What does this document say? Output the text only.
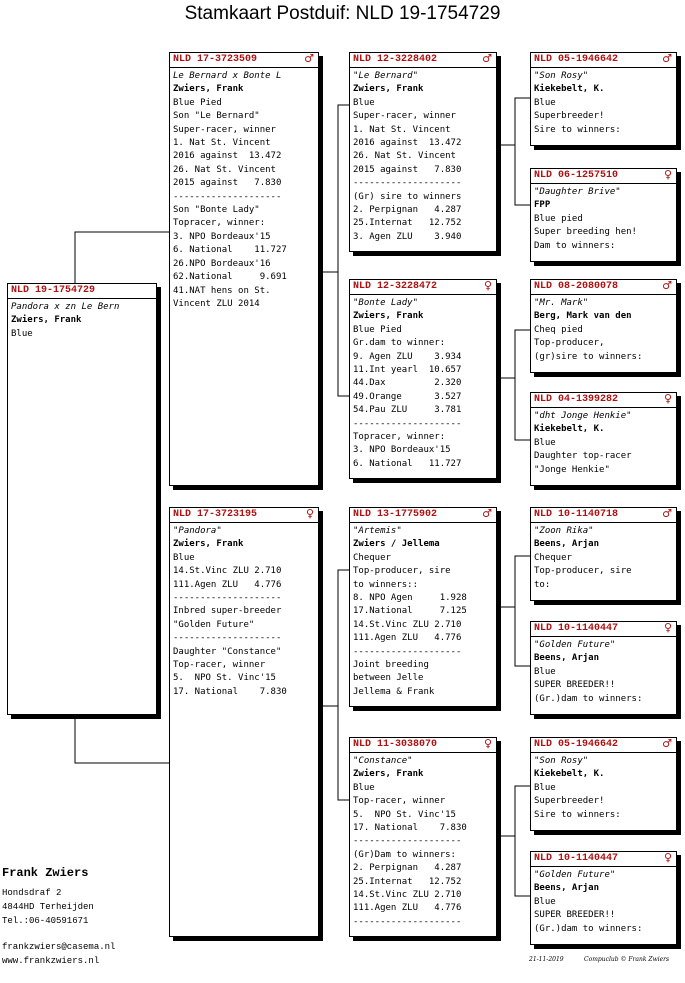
Stamkaart Postduif: NLD 19-1754729
NLD 19-1754729
Pandora x zn Le Bern
Zwiers, Frank
Blue
NLD 17-3723509	♂
Le Bernard x Bonte L
Zwiers, Frank
Blue Pied
Son "Le Bernard"
Super-racer, winner
1. Nat St. Vincent
2016 against  13.472
26. Nat St. Vincent
2015 against   7.830
--------------------
Son "Bonte Lady"
Topracer, winner:
3. NPO Bordeaux'15
6. National    11.727
26.NPO Bordeaux'16
62.National     9.691
41.NAT hens on St.
Vincent ZLU 2014
NLD 17-3723195	♀
"Pandora"
Zwiers, Frank
Blue
14.St.Vinc ZLU 2.710
111.Agen ZLU   4.776
--------------------
Inbred super-breeder
"Golden Future"
--------------------
Daughter "Constance"
Top-racer, winner
5.  NPO St. Vinc'15
17. National    7.830
NLD 12-3228402	♂
"Le Bernard"
Zwiers, Frank
Blue
Super-racer, winner
1. Nat St. Vincent
2016 against  13.472
26. Nat St. Vincent
2015 against   7.830
--------------------
(Gr) sire to winners
2. Perpignan   4.287
25.Internat   12.752
3. Agen ZLU    3.940
NLD 12-3228472	♀
"Bonte Lady"
Zwiers, Frank
Blue Pied
Gr.dam to winner:
9. Agen ZLU    3.934
11.Int yearl  10.657
44.Dax         2.320
49.Orange      3.527
54.Pau ZLU     3.781
--------------------
Topracer, winner:
3. NPO Bordeaux'15
6. National   11.727
NLD 13-1775902	♂
"Artemis"
Zwiers / Jellema
Chequer
Top-producer, sire
to winners::
8. NPO Agen     1.928
17.National     7.125
14.St.Vinc ZLU 2.710
111.Agen ZLU   4.776
--------------------
Joint breeding
between Jelle
Jellema & Frank
NLD 11-3038070	♀
"Constance"
Zwiers, Frank
Blue
Top-racer, winner
5.  NPO St. Vinc'15
17. National    7.830
--------------------
(Gr)Dam to winners:
2. Perpignan   4.287
25.Internat   12.752
14.St.Vinc ZLU 2.710
111.Agen ZLU   4.776
--------------------
NLD 05-1946642	♂
"Son Rosy"
Kiekebelt, K.
Blue
Superbreeder!
Sire to winners:
NLD 06-1257510	♀
"Daughter Brive"
FPP
Blue pied
Super breeding hen!
Dam to winners:
NLD 08-2080078	♂
"Mr. Mark"
Berg, Mark van den
Cheq pied
Top-producer,
(gr)sire to winners:
NLD 04-1399282	♀
"dht Jonge Henkie"
Kiekebelt, K.
Blue
Daughter top-racer
"Jonge Henkie"
NLD 10-1140718	♂
"Zoon Rika"
Beens, Arjan
Chequer
Top-producer, sire
to:
NLD 10-1140447	♀
"Golden Future"
Beens, Arjan
Blue
SUPER BREEDER!!
(Gr.)dam to winners:
NLD 05-1946642	♂
"Son Rosy"
Kiekebelt, K.
Blue
Superbreeder!
Sire to winners:
NLD 10-1140447	♀
"Golden Future"
Beens, Arjan
Blue
SUPER BREEDER!!
(Gr.)dam to winners:
Frank Zwiers
Hondsdraf 2
4844HD Terheijden
Tel.:06-40591671
frankzwiers@casema.nl
www.frankzwiers.nl	21-11-2019	Compuclub © Frank Zwiers
